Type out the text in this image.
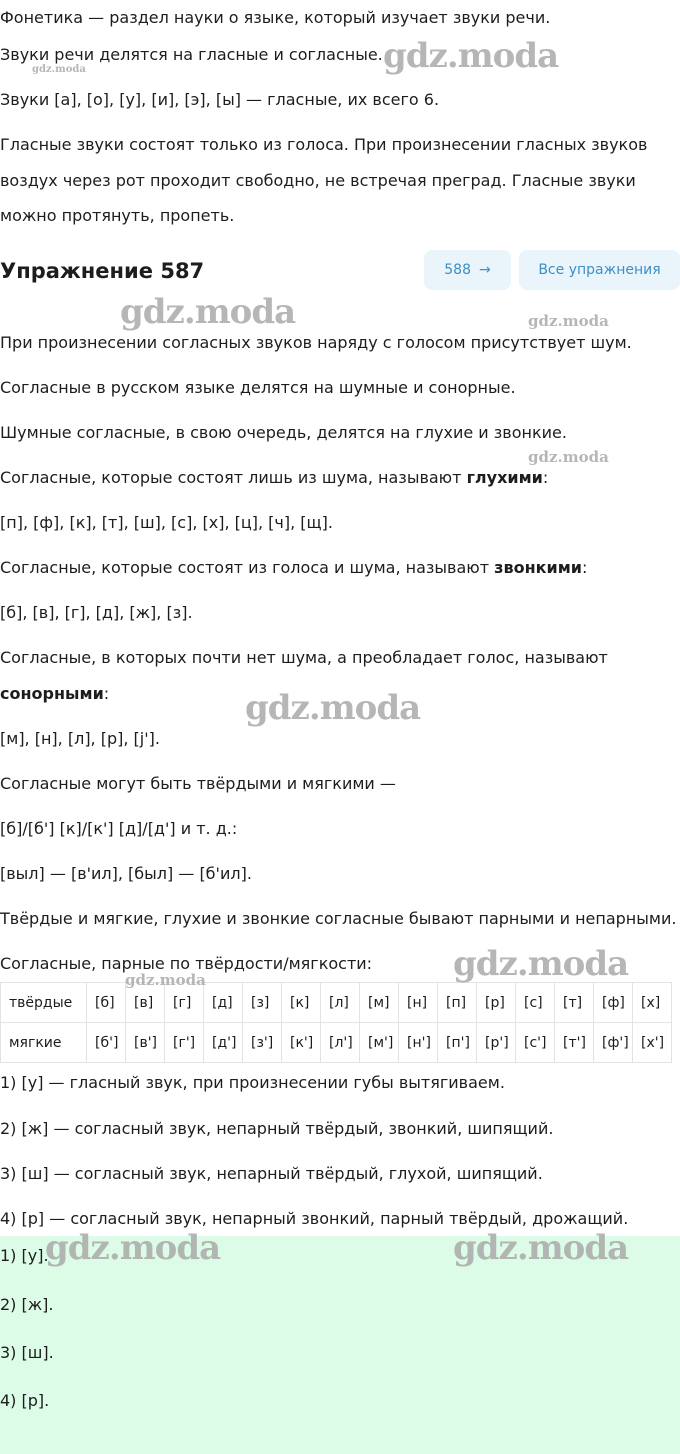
Фонетика — раздел науки о языке, который изучает звуки речи.
Звуки речи делятся на гласные и согласные.
Звуки [а], [о], [у], [и], [э], [ы] — гласные, их всего 6.
Гласные звуки состоят только из голоса. При произнесении гласных звуков
воздух через рот проходит свободно, не встречая преград. Гласные звуки
можно протянуть, пропеть.
Упражнение 587	588 →	Все упражнения
При произнесении согласных звуков наряду с голосом присутствует шум.
Согласные в русском языке делятся на шумные и сонорные.
Шумные согласные, в свою очередь, делятся на глухие и звонкие.
Согласные, которые состоят лишь из шума, называют глухими:
[п], [ф], [к], [т], [ш], [с], [х], [ц], [ч], [щ].
Согласные, которые состоят из голоса и шума, называют звонкими:
[б], [в], [г], [д], [ж], [з].
Согласные, в которых почти нет шума, а преобладает голос, называют
сонорными:
[м], [н], [л], [р], [j'].
Согласные могут быть твёрдыми и мягкими —
[б]/[б'] [к]/[к'] [д]/[д'] и т. д.:
[выл] — [в'ил], [был] — [б'ил].
Твёрдые и мягкие, глухие и звонкие согласные бывают парными и непарными.
Согласные, парные по твёрдости/мягкости:
твёрдые	[б]	[в]	[г]	[д]	[з]	[к]	[л]	[м]	[н]	[п]	[р]	[с]	[т]	[ф]	[х]
мягкие	[б']	[в']	[г']	[д']	[з']	[к']	[л']	[м']	[н']	[п']	[р']	[с']	[т']	[ф']	[х']
1) [у] — гласный звук, при произнесении губы вытягиваем.
2) [ж] — согласный звук, непарный твёрдый, звонкий, шипящий.
3) [ш] — согласный звук, непарный твёрдый, глухой, шипящий.
4) [р] — согласный звук, непарный звонкий, парный твёрдый, дрожащий.
1) [у].
2) [ж].
3) [ш].
4) [р].
gdz.moda
gdz.moda
gdz.moda	gdz.moda
gdz.moda
gdz.moda
gdz.moda
gdz.moda
gdz.moda	gdz.moda
